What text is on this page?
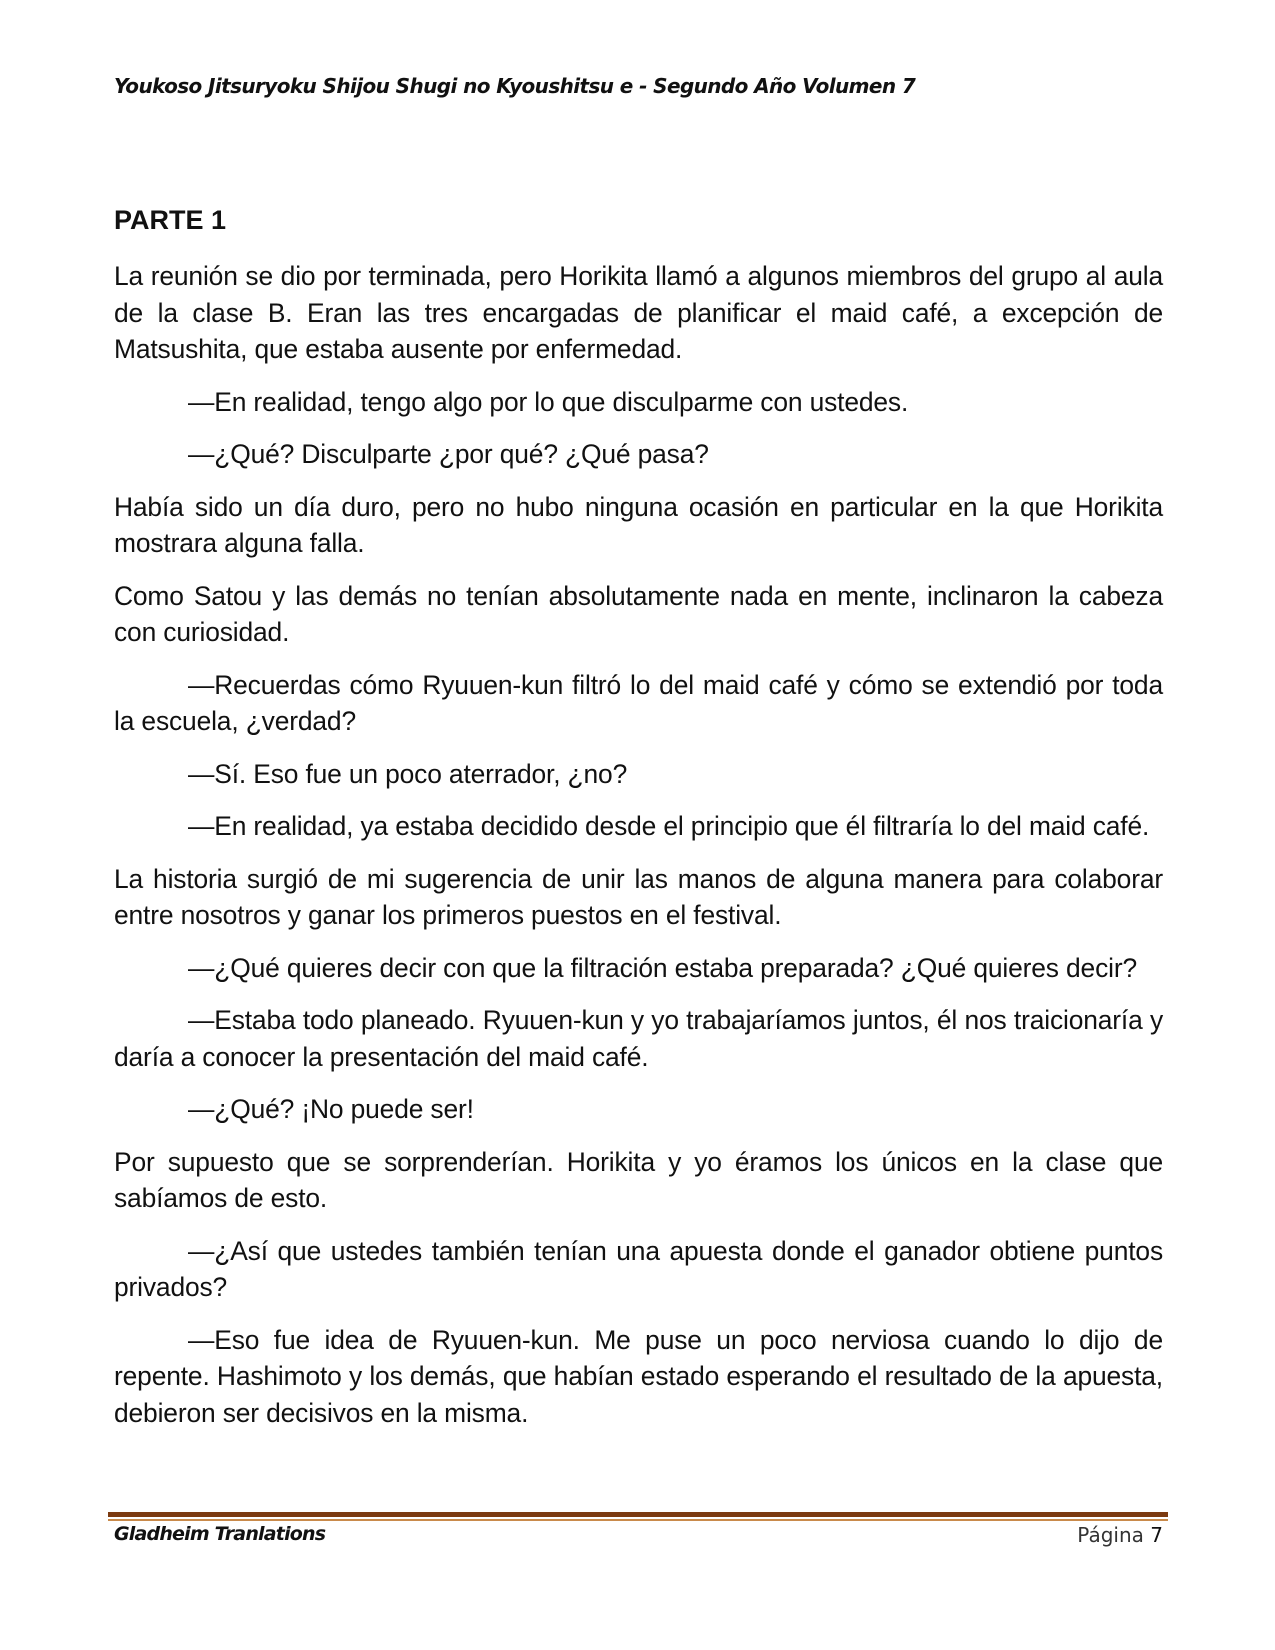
Youkoso Jitsuryoku Shijou Shugi no Kyoushitsu e - Segundo Año Volumen 7
PARTE 1

La reunión se dio por terminada, pero Horikita llamó a algunos miembros del grupo al aula de la clase B. Eran las tres encargadas de planificar el maid café, a excepción de Matsushita, que estaba ausente por enfermedad.

—En realidad, tengo algo por lo que disculparme con ustedes.

—¿Qué? Disculparte ¿por qué? ¿Qué pasa?

Había sido un día duro, pero no hubo ninguna ocasión en particular en la que Horikita mostrara alguna falla.

Como Satou y las demás no tenían absolutamente nada en mente, inclinaron la cabeza con curiosidad.

—Recuerdas cómo Ryuuen-kun filtró lo del maid café y cómo se extendió por toda la escuela, ¿verdad?

—Sí. Eso fue un poco aterrador, ¿no?

—En realidad, ya estaba decidido desde el principio que él filtraría lo del maid café.

La historia surgió de mi sugerencia de unir las manos de alguna manera para colaborar entre nosotros y ganar los primeros puestos en el festival.

—¿Qué quieres decir con que la filtración estaba preparada? ¿Qué quieres decir?

—Estaba todo planeado. Ryuuen-kun y yo trabajaríamos juntos, él nos traicionaría y daría a conocer la presentación del maid café.

—¿Qué? ¡No puede ser!

Por supuesto que se sorprenderían. Horikita y yo éramos los únicos en la clase que sabíamos de esto.

—¿Así que ustedes también tenían una apuesta donde el ganador obtiene puntos privados?

—Eso fue idea de Ryuuen-kun. Me puse un poco nerviosa cuando lo dijo de repente. Hashimoto y los demás, que habían estado esperando el resultado de la apuesta, debieron ser decisivos en la misma.

Gladheim Tranlations	Página 7
